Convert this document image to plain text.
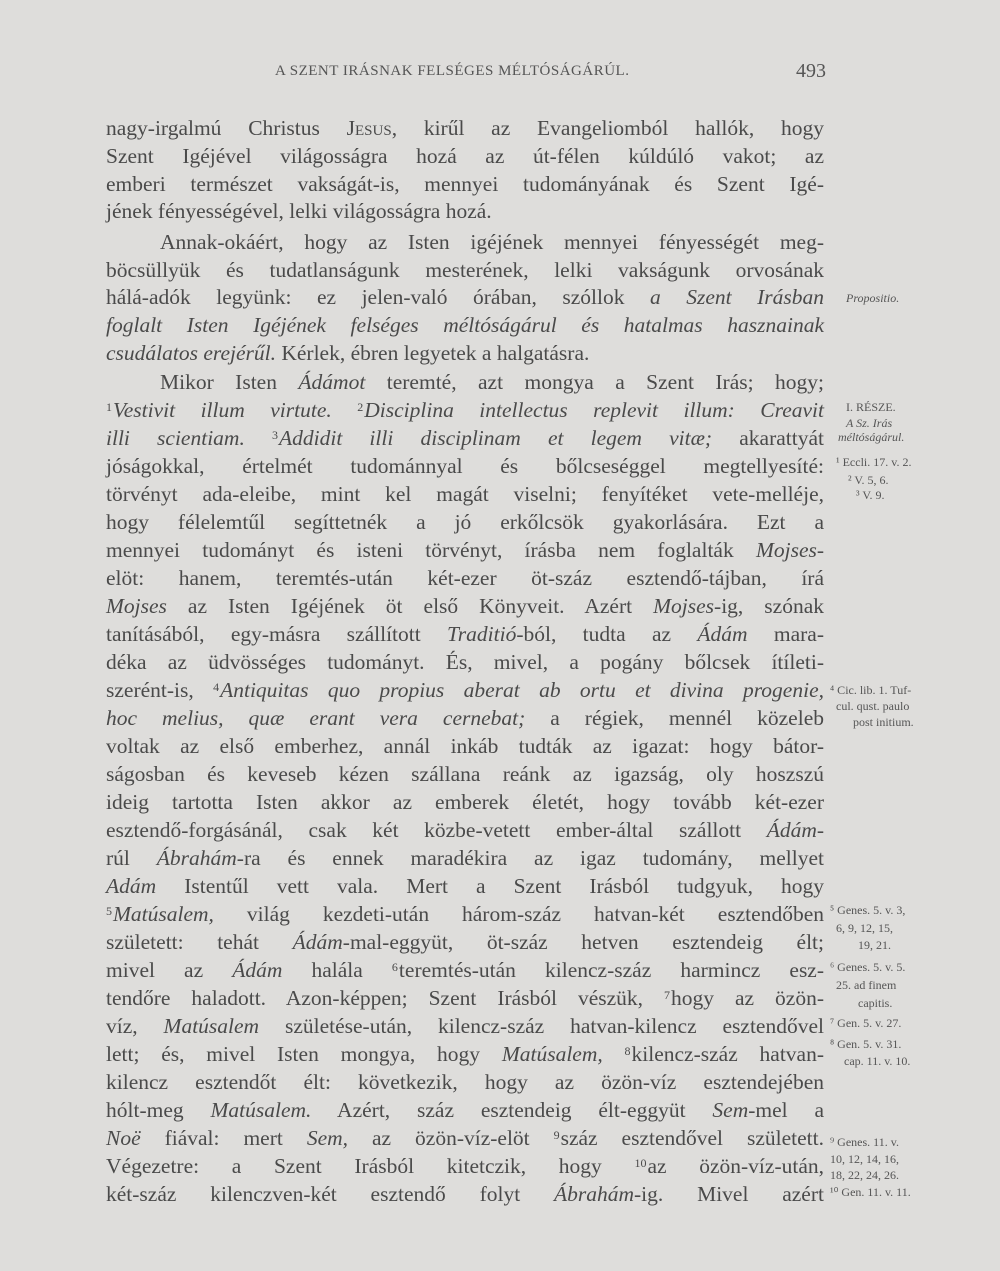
A SZENT IRÁSNAK FELSÉGES MÉLTÓSÁGÁRÚL.	493
nagy-irgalmú Christus Jesus, kirűl az Evangeliomból hallók, hogy
Szent Igéjével világosságra hozá az út-félen kúldúló vakot; az
emberi természet vakságát-is, mennyei tudományának és Szent Igé-
jének fényességével, lelki világosságra hozá.
Annak-okáért, hogy az Isten igéjének mennyei fényességét meg-
böcsüllyük és tudatlanságunk mesterének, lelki vakságunk orvosának
hálá-adók legyünk: ez jelen-való órában, szóllok a Szent Irásban
foglalt Isten Igéjének felséges méltóságárul és hatalmas hasznainak
csudálatos erejérűl. Kérlek, ébren legyetek a halgatásra.
Mikor Isten Ádámot teremté, azt mongya a Szent Irás; hogy;
$^1$Vestivit illum virtute. $^2$Disciplina intellectus replevit illum: Creavit
illi scientiam. $^3$Addidit illi disciplinam et legem vitæ; akarattyát
jóságokkal, értelmét tudománnyal és bőlcseséggel megtellyesíté:
törvényt ada-eleibe, mint kel magát viselni; fenyítéket vete-melléje,
hogy félelemtűl segíttetnék a jó erkőlcsök gyakorlására. Ezt a
mennyei tudományt és isteni törvényt, írásba nem foglalták Mojses-
elöt: hanem, teremtés-után két-ezer öt-száz esztendő-tájban, írá
Mojses az Isten Igéjének öt első Könyveit. Azért Mojses-ig, szónak
tanításából, egy-másra szállított Traditió-ból, tudta az Ádám mara-
déka az üdvösséges tudományt. És, mivel, a pogány bőlcsek ítíleti-
szerént-is, $^4$Antiquitas quo propius aberat ab ortu et divina progenie,
hoc melius, quæ erant vera cernebat; a régiek, mennél közeleb
voltak az első emberhez, annál inkáb tudták az igazat: hogy bátor-
ságosban és keveseb kézen szállana reánk az igazság, oly hoszszú
ideig tartotta Isten akkor az emberek életét, hogy tovább két-ezer
esztendő-forgásánál, csak két közbe-vetett ember-által szállott Ádám-
rúl Ábrahám-ra és ennek maradékira az igaz tudomány, mellyet
Adám Istentűl vett vala. Mert a Szent Irásból tudgyuk, hogy
$^5$Matúsalem, világ kezdeti-után három-száz hatvan-két esztendőben
született: tehát Ádám-mal-eggyüt, öt-száz hetven esztendeig élt;
mivel az Ádám halála $^6$teremtés-után kilencz-száz harmincz esz-
tendőre haladott. Azon-képpen; Szent Irásból vészük, $^7$hogy az özön-
víz, Matúsalem születése-után, kilencz-száz hatvan-kilencz esztendővel
lett; és, mivel Isten mongya, hogy Matúsalem, $^8$kilencz-száz hatvan-
kilencz esztendőt élt: következik, hogy az özön-víz esztendejében
hólt-meg Matúsalem. Azért, száz esztendeig élt-eggyüt Sem-mel a
Noë fiával: mert Sem, az özön-víz-elöt $^9$száz esztendővel született.
Végezetre: a Szent Irásból kitetczik, hogy	$^{10}$az özön-víz-után,
két-száz kilenczven-két esztendő folyt Ábrahám-ig. Mivel azért
Propositio.
I. RÉSZE.
A Sz. Irás
méltóságárul.
¹ Eccli. 17. v. 2.
² V. 5, 6.
³ V. 9.
⁴ Cic. lib. 1. Tuf-
cul. qust. paulo
post initium.
⁵ Genes. 5. v. 3,
6, 9, 12, 15,
19, 21.
⁶ Genes. 5. v. 5.
25. ad finem
capitis.
⁷ Gen. 5. v. 27.
⁸ Gen. 5. v. 31.
cap. 11. v. 10.
⁹ Genes. 11. v.
10, 12, 14, 16,
18, 22, 24, 26.
¹⁰ Gen. 11. v. 11.
